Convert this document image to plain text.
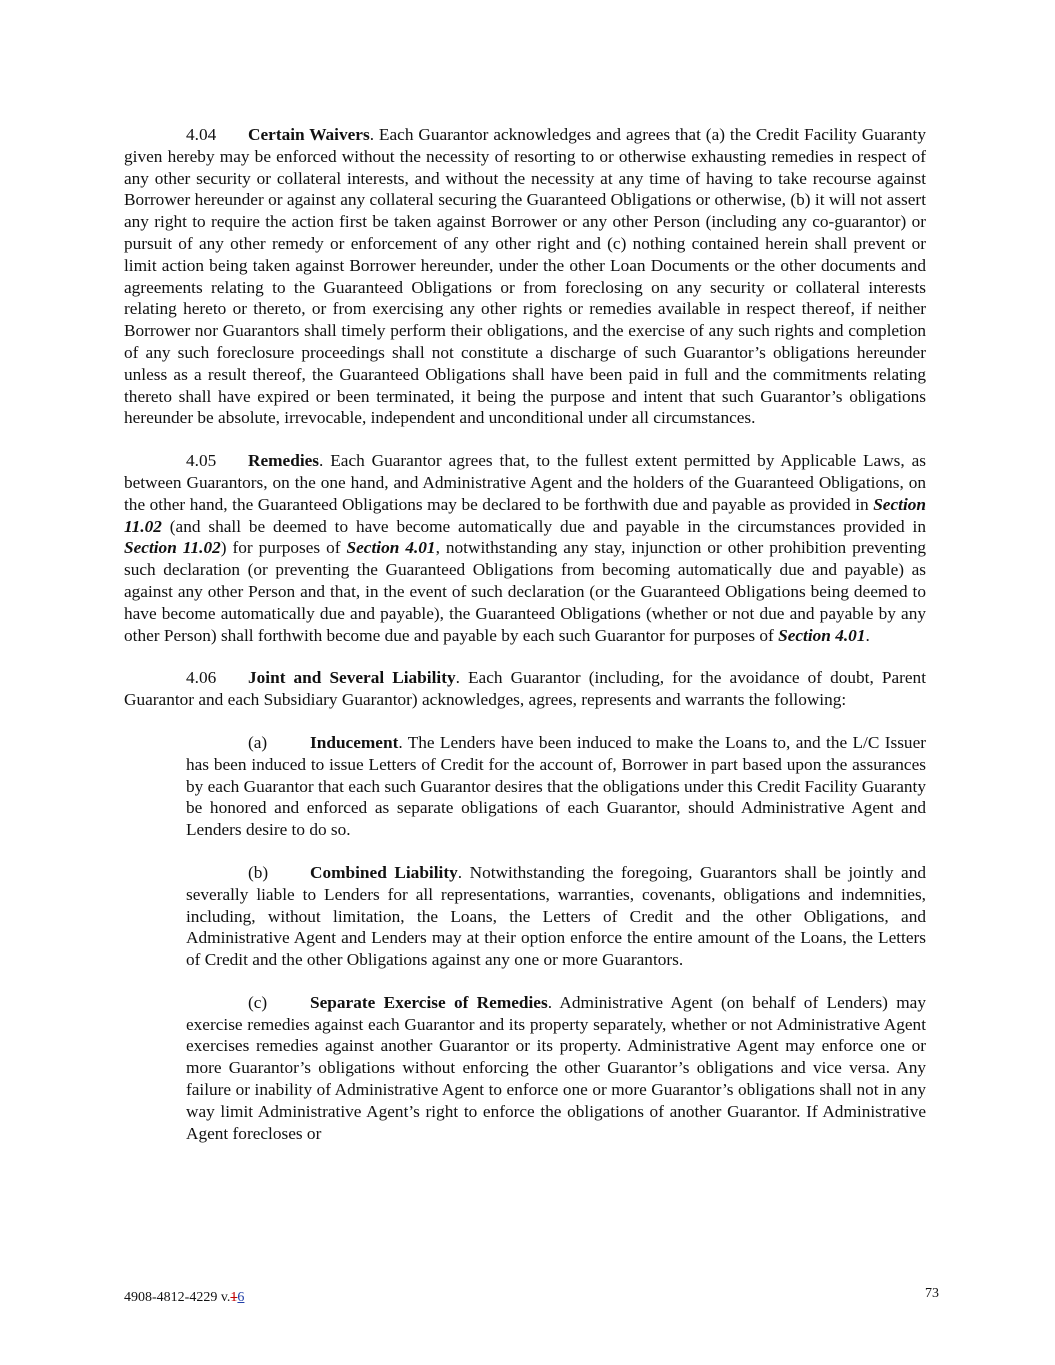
4.04 Certain Waivers. Each Guarantor acknowledges and agrees that (a) the Credit Facility Guaranty given hereby may be enforced without the necessity of resorting to or otherwise exhausting remedies in respect of any other security or collateral interests, and without the necessity at any time of having to take recourse against Borrower hereunder or against any collateral securing the Guaranteed Obligations or otherwise, (b) it will not assert any right to require the action first be taken against Borrower or any other Person (including any co-guarantor) or pursuit of any other remedy or enforcement of any other right and (c) nothing contained herein shall prevent or limit action being taken against Borrower hereunder, under the other Loan Documents or the other documents and agreements relating to the Guaranteed Obligations or from foreclosing on any security or collateral interests relating hereto or thereto, or from exercising any other rights or remedies available in respect thereof, if neither Borrower nor Guarantors shall timely perform their obligations, and the exercise of any such rights and completion of any such foreclosure proceedings shall not constitute a discharge of such Guarantor’s obligations hereunder unless as a result thereof, the Guaranteed Obligations shall have been paid in full and the commitments relating thereto shall have expired or been terminated, it being the purpose and intent that such Guarantor’s obligations hereunder be absolute, irrevocable, independent and unconditional under all circumstances.

4.05 Remedies. Each Guarantor agrees that, to the fullest extent permitted by Applicable Laws, as between Guarantors, on the one hand, and Administrative Agent and the holders of the Guaranteed Obligations, on the other hand, the Guaranteed Obligations may be declared to be forthwith due and payable as provided in Section 11.02 (and shall be deemed to have become automatically due and payable in the circumstances provided in Section 11.02) for purposes of Section 4.01, notwithstanding any stay, injunction or other prohibition preventing such declaration (or preventing the Guaranteed Obligations from becoming automatically due and payable) as against any other Person and that, in the event of such declaration (or the Guaranteed Obligations being deemed to have become automatically due and payable), the Guaranteed Obligations (whether or not due and payable by any other Person) shall forthwith become due and payable by each such Guarantor for purposes of Section 4.01.

4.06 Joint and Several Liability. Each Guarantor (including, for the avoidance of doubt, Parent Guarantor and each Subsidiary Guarantor) acknowledges, agrees, represents and warrants the following:

(a) Inducement. The Lenders have been induced to make the Loans to, and the L/C Issuer has been induced to issue Letters of Credit for the account of, Borrower in part based upon the assurances by each Guarantor that each such Guarantor desires that the obligations under this Credit Facility Guaranty be honored and enforced as separate obligations of each Guarantor, should Administrative Agent and Lenders desire to do so.

(b) Combined Liability. Notwithstanding the foregoing, Guarantors shall be jointly and severally liable to Lenders for all representations, warranties, covenants, obligations and indemnities, including, without limitation, the Loans, the Letters of Credit and the other Obligations, and Administrative Agent and Lenders may at their option enforce the entire amount of the Loans, the Letters of Credit and the other Obligations against any one or more Guarantors.

(c) Separate Exercise of Remedies. Administrative Agent (on behalf of Lenders) may exercise remedies against each Guarantor and its property separately, whether or not Administrative Agent exercises remedies against another Guarantor or its property. Administrative Agent may enforce one or more Guarantor’s obligations without enforcing the other Guarantor’s obligations and vice versa. Any failure or inability of Administrative Agent to enforce one or more Guarantor’s obligations shall not in any way limit Administrative Agent’s right to enforce the obligations of another Guarantor. If Administrative Agent forecloses or

4908-4812-4229 v.16	73
